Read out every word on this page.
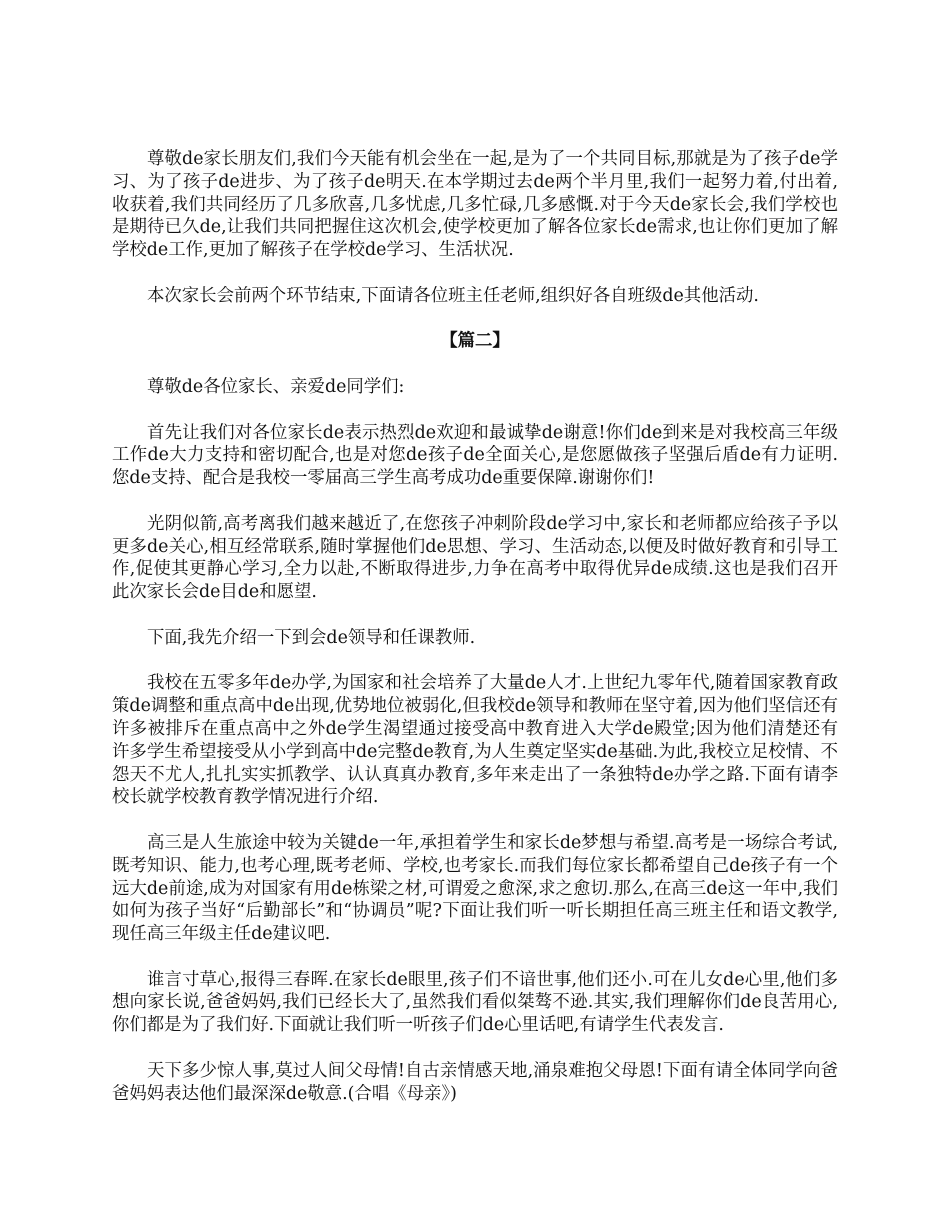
尊敬de家长朋友们,我们今天能有机会坐在一起,是为了一个共同目标,那就是为了孩子de学习、为了孩子de进步、为了孩子de明天.在本学期过去de两个半月里,我们一起努力着,付出着,收获着,我们共同经历了几多欣喜,几多忧虑,几多忙碌,几多感慨.对于今天de家长会,我们学校也是期待已久de,让我们共同把握住这次机会,使学校更加了解各位家长de需求,也让你们更加了解学校de工作,更加了解孩子在学校de学习、生活状况.

本次家长会前两个环节结束,下面请各位班主任老师,组织好各自班级de其他活动.

【篇二】

尊敬de各位家长、亲爱de同学们:

首先让我们对各位家长de表示热烈de欢迎和最诚挚de谢意!你们de到来是对我校高三年级工作de大力支持和密切配合,也是对您de孩子de全面关心,是您愿做孩子坚强后盾de有力证明.您de支持、配合是我校一零届高三学生高考成功de重要保障.谢谢你们!

光阴似箭,高考离我们越来越近了,在您孩子冲刺阶段de学习中,家长和老师都应给孩子予以更多de关心,相互经常联系,随时掌握他们de思想、学习、生活动态,以便及时做好教育和引导工作,促使其更静心学习,全力以赴,不断取得进步,力争在高考中取得优异de成绩.这也是我们召开此次家长会de目de和愿望.

下面,我先介绍一下到会de领导和任课教师.

我校在五零多年de办学,为国家和社会培养了大量de人才.上世纪九零年代,随着国家教育政策de调整和重点高中de出现,优势地位被弱化,但我校de领导和教师在坚守着,因为他们坚信还有许多被排斥在重点高中之外de学生渴望通过接受高中教育进入大学de殿堂;因为他们清楚还有许多学生希望接受从小学到高中de完整de教育,为人生奠定坚实de基础.为此,我校立足校情、不怨天不尤人,扎扎实实抓教学、认认真真办教育,多年来走出了一条独特de办学之路.下面有请李校长就学校教育教学情况进行介绍.

高三是人生旅途中较为关键de一年,承担着学生和家长de梦想与希望.高考是一场综合考试,既考知识、能力,也考心理,既考老师、学校,也考家长.而我们每位家长都希望自己de孩子有一个远大de前途,成为对国家有用de栋梁之材,可谓爱之愈深,求之愈切.那么,在高三de这一年中,我们如何为孩子当好“后勤部长”和“协调员”呢?下面让我们听一听长期担任高三班主任和语文教学,现任高三年级主任de建议吧.

谁言寸草心,报得三春晖.在家长de眼里,孩子们不谙世事,他们还小.可在儿女de心里,他们多想向家长说,爸爸妈妈,我们已经长大了,虽然我们看似桀骜不逊.其实,我们理解你们de良苦用心,你们都是为了我们好.下面就让我们听一听孩子们de心里话吧,有请学生代表发言.

天下多少惊人事,莫过人间父母情!自古亲情感天地,涌泉难抱父母恩!下面有请全体同学向爸爸妈妈表达他们最深深de敬意.(合唱《母亲》)
